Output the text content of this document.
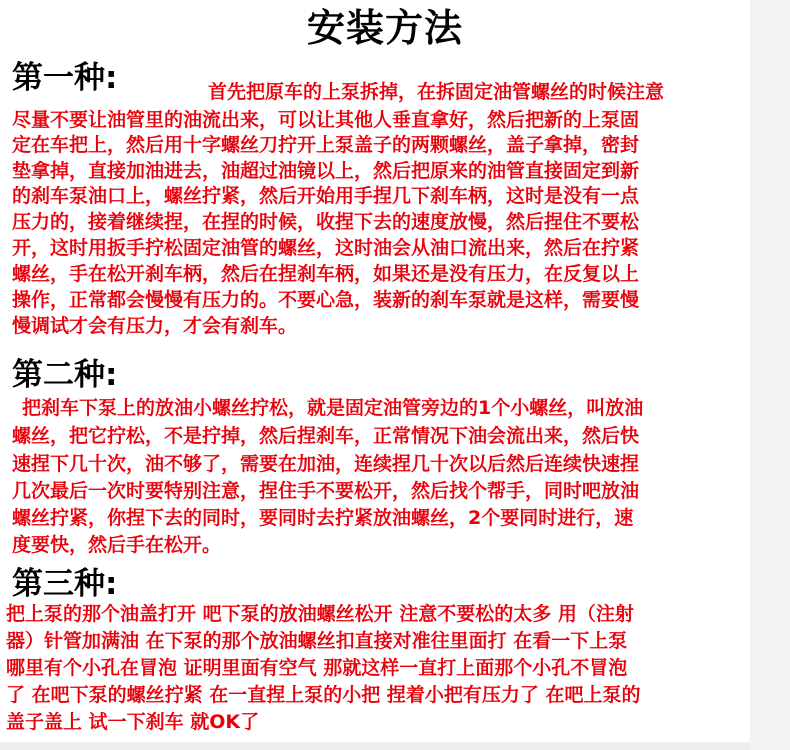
安装方法
第一种:	首先把原车的上泵拆掉，在拆固定油管螺丝的时候注意
尽量不要让油管里的油流出来，可以让其他人垂直拿好，然后把新的上泵固
定在车把上，然后用十字螺丝刀拧开上泵盖子的两颗螺丝，盖子拿掉，密封
垫拿掉，直接加油进去，油超过油镜以上，然后把原来的油管直接固定到新
的刹车泵油口上，螺丝拧紧，然后开始用手捏几下刹车柄，这时是没有一点
压力的，接着继续捏，在捏的时候，收捏下去的速度放慢，然后捏住不要松
开，这时用扳手拧松固定油管的螺丝，这时油会从油口流出来，然后在拧紧
螺丝，手在松开刹车柄，然后在捏刹车柄，如果还是没有压力，在反复以上
操作，正常都会慢慢有压力的。不要心急，装新的刹车泵就是这样，需要慢
慢调试才会有压力，才会有刹车。
第二种:
把刹车下泵上的放油小螺丝拧松，就是固定油管旁边的1个小螺丝，叫放油
螺丝，把它拧松，不是拧掉，然后捏刹车，正常情况下油会流出来，然后快
速捏下几十次，油不够了，需要在加油，连续捏几十次以后然后连续快速捏
几次最后一次时要特别注意，捏住手不要松开，然后找个帮手，同时吧放油
螺丝拧紧，你捏下去的同时，要同时去拧紧放油螺丝，2个要同时进行，速
度要快，然后手在松开。
第三种:
把上泵的那个油盖打开 吧下泵的放油螺丝松开 注意不要松的太多 用（注射
器）针管加满油 在下泵的那个放油螺丝扣直接对准往里面打 在看一下上泵
哪里有个小孔在冒泡 证明里面有空气 那就这样一直打上面那个小孔不冒泡
了 在吧下泵的螺丝拧紧 在一直捏上泵的小把 捏着小把有压力了 在吧上泵的
盖子盖上 试一下刹车 就OK了
